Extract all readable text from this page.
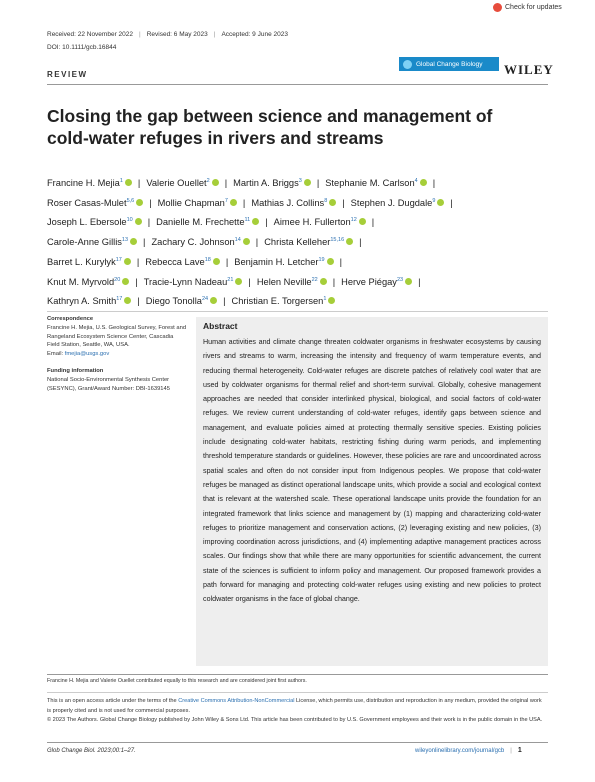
Check for updates
Received: 22 November 2022 | Revised: 6 May 2023 | Accepted: 9 June 2023
DOI: 10.1111/gcb.16844
REVIEW
Global Change Biology WILEY
Closing the gap between science and management of cold-water refuges in rivers and streams
Francine H. Mejia$^1$ | Valerie Ouellet$^2$ | Martin A. Briggs$^3$ | Stephanie M. Carlson$^4$ |
Roser Casas-Mulet$^{5,6}$ | Mollie Chapman$^7$ | Mathias J. Collins$^8$ | Stephen J. Dugdale$^9$ |
Joseph L. Ebersole$^{10}$ | Danielle M. Frechette$^{11}$ | Aimee H. Fullerton$^{12}$ |
Carole-Anne Gillis$^{13}$ | Zachary C. Johnson$^{14}$ | Christa Kelleher$^{15,16}$ |
Barret L. Kurylyk$^{17}$ | Rebecca Lave$^{18}$ | Benjamin H. Letcher$^{19}$ |
Knut M. Myrvold$^{20}$ | Tracie-Lynn Nadeau$^{21}$ | Helen Neville$^{22}$ | Herve Piégay$^{23}$ |
Kathryn A. Smith$^{17}$ | Diego Tonolla$^{24}$ | Christian E. Torgersen$^1$
Correspondence
Francine H. Mejia, U.S. Geological Survey, Forest and Rangeland Ecosystem Science Center, Cascadia Field Station, Seattle, WA, USA.
Email: fmejia@usgs.gov
Funding information
National Socio-Environmental Synthesis Center (SESYNC), Grant/Award Number: DBI-1639145
Abstract

Human activities and climate change threaten coldwater organisms in freshwater ecosystems by causing rivers and streams to warm, increasing the intensity and frequency of warm temperature events, and reducing thermal heterogeneity. Cold-water refuges are discrete patches of relatively cool water that are used by coldwater organisms for thermal relief and short-term survival. Globally, cohesive management approaches are needed that consider interlinked physical, biological, and social factors of cold-water refuges. We review current understanding of cold-water refuges, identify gaps between science and management, and evaluate policies aimed at protecting thermally sensitive species. Existing policies include designating cold-water habitats, restricting fishing during warm periods, and implementing threshold temperature standards or guidelines. However, these policies are rare and uncoordinated across spatial scales and often do not consider input from Indigenous peoples. We propose that cold-water refuges be managed as distinct operational landscape units, which provide a social and ecological context that is relevant at the watershed scale. These operational landscape units provide the foundation for an integrated framework that links science and management by (1) mapping and characterizing cold-water refuges to prioritize management and conservation actions, (2) leveraging existing and new policies, (3) improving coordination across jurisdictions, and (4) implementing adaptive management practices across scales. Our findings show that while there are many opportunities for scientific advancement, the current state of the sciences is sufficient to inform policy and management. Our proposed framework provides a path forward for managing and protecting cold-water refuges using existing and new policies to protect coldwater organisms in the face of global change.

Francine H. Mejia and Valerie Ouellet contributed equally to this research and are considered joint first authors.
This is an open access article under the terms of the Creative Commons Attribution-NonCommercial License, which permits use, distribution and reproduction in any medium, provided the original work is properly cited and is not used for commercial purposes.
© 2023 The Authors. Global Change Biology published by John Wiley & Sons Ltd. This article has been contributed to by U.S. Government employees and their work is in the public domain in the USA.
Glob Change Biol. 2023;00:1–27.	wileyonlinelibrary.com/journal/gcb | 1
